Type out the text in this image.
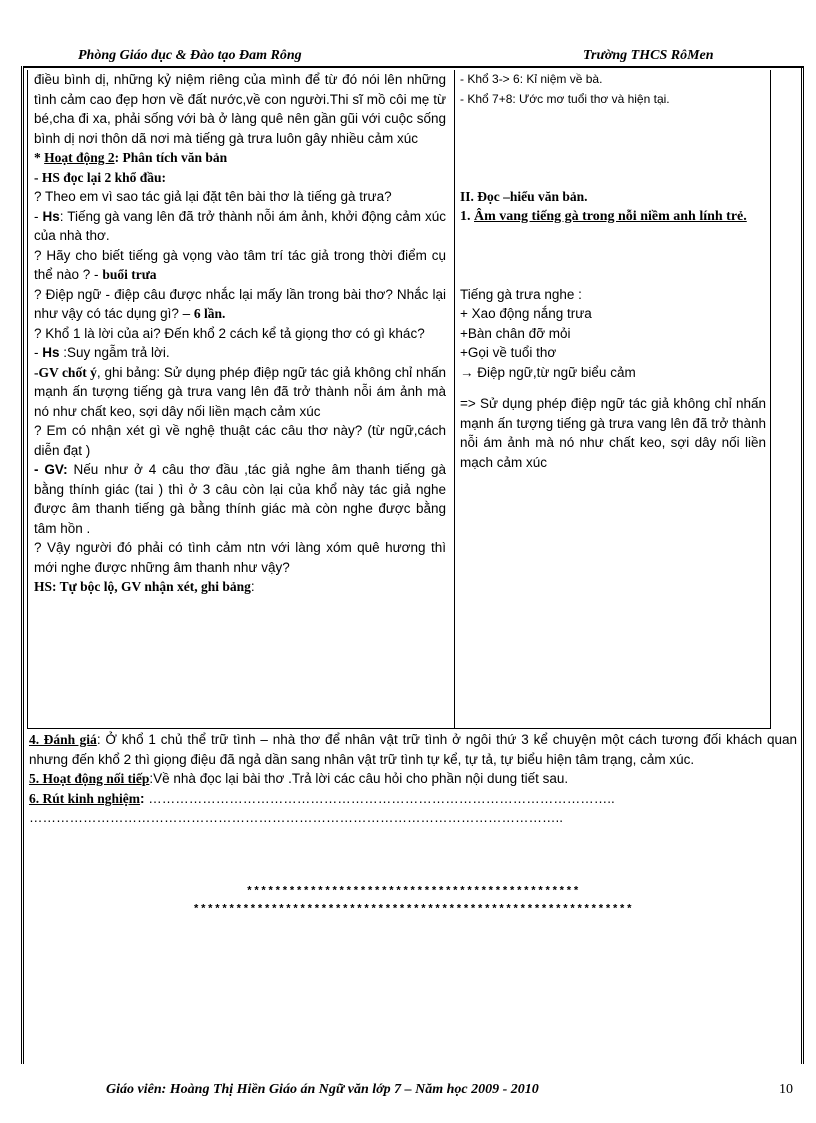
Phòng Giáo dục & Đào tạo Đam Rông	Trường THCS RôMen
điều bình dị, những kỷ niệm riêng của mình để từ đó nói lên những tình cảm cao đẹp hơn về đất nước,về con người.Thi sĩ mồ côi mẹ từ bé,cha đi xa, phải sống với bà ở làng quê nên gần gũi với cuộc sống bình dị nơi thôn dã nơi mà tiếng gà trưa luôn gây nhiều cảm xúc
* Hoạt động 2: Phân tích văn bản
- HS đọc lại 2 khổ đầu:
? Theo em vì sao tác giả lại đặt tên bài thơ là tiếng gà trưa?
- Hs: Tiếng gà vang lên đã trở thành nỗi ám ảnh, khởi động cảm xúc của nhà thơ.
? Hãy cho biết tiếng gà vọng vào tâm trí tác giả trong thời điểm cụ thể nào ? - buổi trưa
? Điệp ngữ - điệp câu được nhắc lại mấy lần trong bài thơ? Nhắc lại như vậy có tác dụng gì? – 6 lần.
? Khổ 1 là lời của ai? Đến khổ 2 cách kể tả giọng thơ có gì khác?
- Hs :Suy ngẫm trả lời.
-GV chốt ý, ghi bảng: Sử dụng phép điệp ngữ tác giả không chỉ nhấn mạnh ấn tượng tiếng gà trưa vang lên đã trở thành nỗi ám ảnh mà nó như chất keo, sợi dây nối liền mạch cảm xúc
? Em có nhận xét gì về nghệ thuật các câu thơ này? (từ ngữ,cách diễn đạt )
- GV: Nếu như ở 4 câu thơ đầu ,tác giả nghe âm thanh tiếng gà bằng thính giác (tai ) thì ở 3 câu còn lại của khổ này tác giả nghe được âm thanh tiếng gà bằng thính giác mà còn nghe được bằng tâm hồn .
? Vậy người đó phải có tình cảm ntn với làng xóm quê hương thì mới nghe được những âm thanh như vậy?
HS: Tự bộc lộ, GV nhận xét, ghi bảng:
- Khổ 3-> 6: Kỉ niệm về bà.
- Khổ 7+8: Ước mơ tuổi thơ và hiện tại.
II. Đọc –hiểu văn bản.
1. Âm vang tiếng gà trong nỗi niềm anh lính trẻ.
Tiếng gà trưa nghe :
+ Xao động nắng trưa
+Bàn chân đỡ mỏi
+Gọi về tuổi thơ
→ Điệp ngữ,từ ngữ biểu cảm
=> Sử dụng phép điệp ngữ tác giả không chỉ nhấn mạnh ấn tượng tiếng gà trưa vang lên đã trở thành nỗi ám ảnh mà nó như chất keo, sợi dây nối liền mạch cảm xúc
4. Đánh giá: Ở khổ 1 chủ thể trữ tình – nhà thơ để nhân vật trữ tình ở ngôi thứ 3 kể chuyện một cách tương đối khách quan nhưng đến khổ 2 thì giọng điệu đã ngả dần sang nhân vật trữ tình tự kể, tự tả, tự biểu hiện tâm trạng, cảm xúc.
5. Hoạt động nối tiếp:Về nhà đọc lại bài thơ .Trả lời các câu hỏi cho phần nội dung tiết sau.
6. Rút kinh nghiệm: …………………………………………………………………………………………..
………………………………………………………………………………………………………..
***********************************************
**************************************************************
Giáo viên: Hoàng Thị Hiền Giáo án Ngữ văn lớp 7 – Năm học 2009 - 2010	10
